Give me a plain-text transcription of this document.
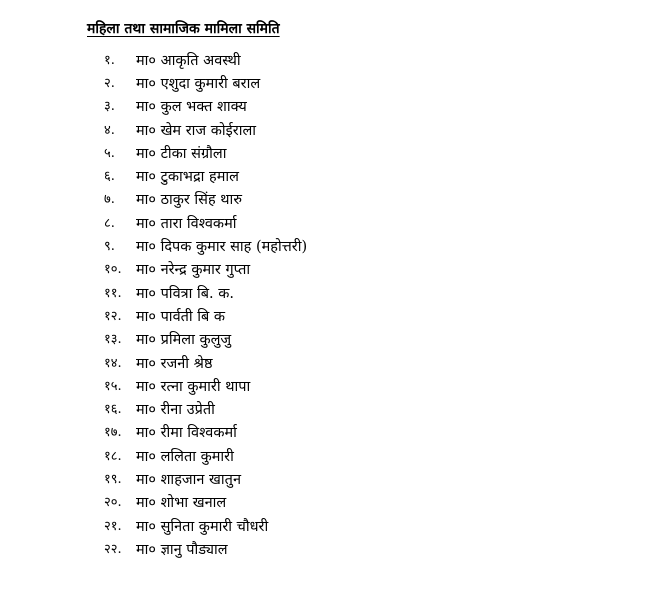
महिला तथा सामाजिक मामिला समिति
१.	मा० आकृति अवस्थी
२.	मा० एशुदा कुमारी बराल
३.	मा० कुल भक्त शाक्य
४.	मा० खेम राज कोईराला
५.	मा० टीका संग्रौला
६.	मा० टुकाभद्रा हमाल
७.	मा० ठाकुर सिंह थारु
८.	मा० तारा विश्वकर्मा
९.	मा० दिपक कुमार साह (महोत्तरी)
१०. मा० नरेन्द्र कुमार गुप्ता
११. मा० पवित्रा बि. क.
१२. मा० पार्वती बि क
१३. मा० प्रमिला कुलुजु
१४. मा० रजनी श्रेष्ठ
१५. मा० रत्ना कुमारी थापा
१६. मा० रीना उप्रेती
१७. मा० रीमा विश्वकर्मा
१८. मा० ललिता कुमारी
१९. मा० शाहजान खातुन
२०. मा० शोभा खनाल
२१. मा० सुनिता कुमारी चौधरी
२२. मा० ज्ञानु पौड्याल
